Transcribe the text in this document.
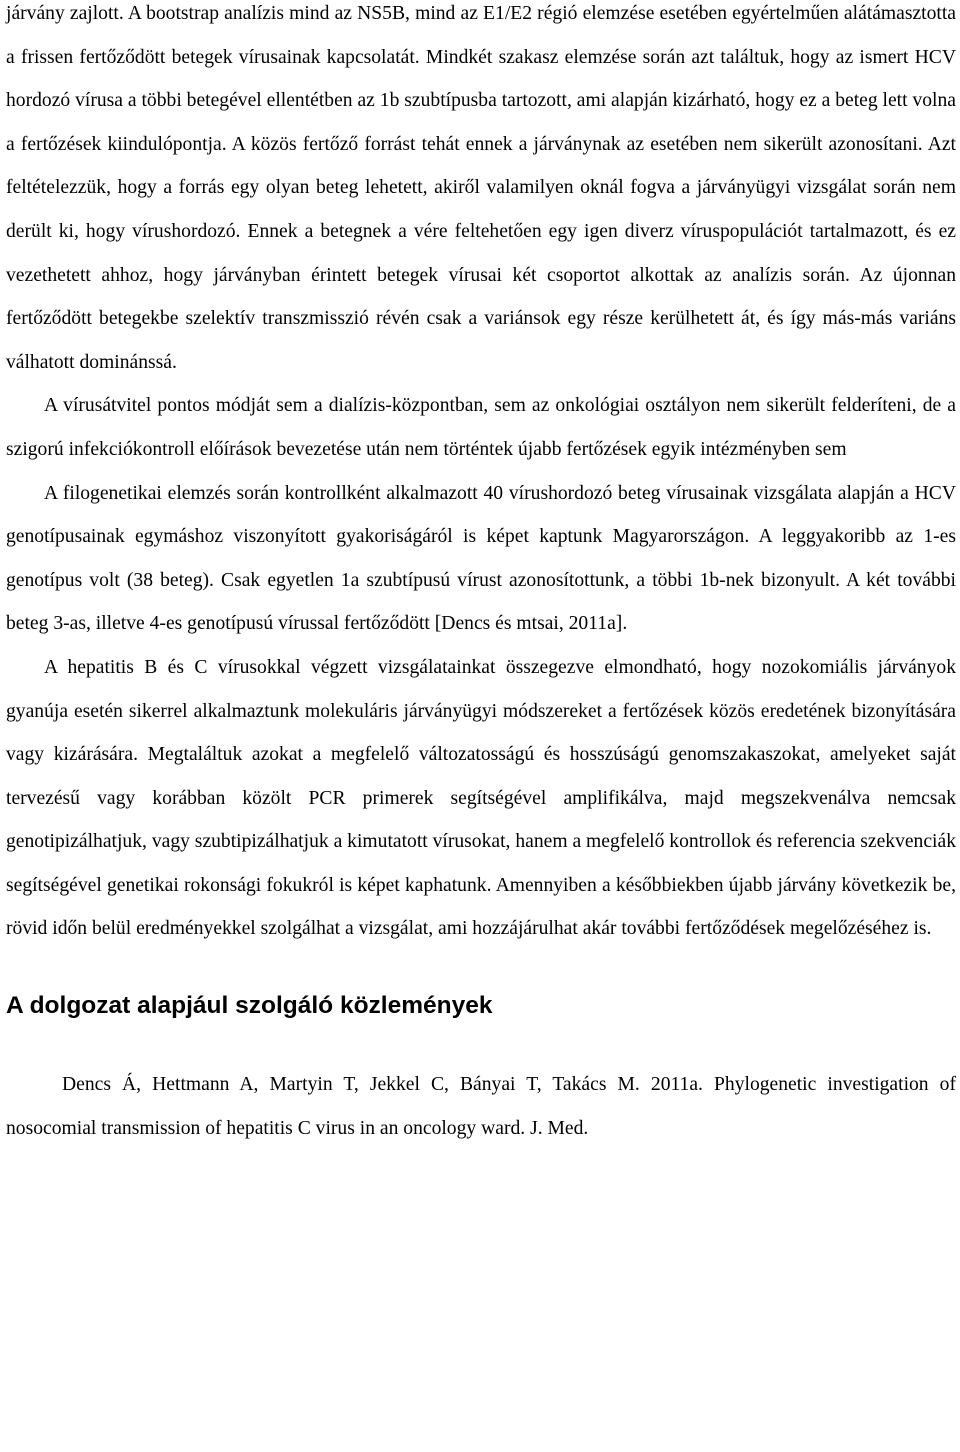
járvány zajlott. A bootstrap analízis mind az NS5B, mind az E1/E2 régió elemzése esetében egyértelműen alátámasztotta a frissen fertőződött betegek vírusainak kapcsolatát. Mindkét szakasz elemzése során azt találtuk, hogy az ismert HCV hordozó vírusa a többi betegével ellentétben az 1b szubtípusba tartozott, ami alapján kizárható, hogy ez a beteg lett volna a fertőzések kiindulópontja. A közös fertőző forrást tehát ennek a járványnak az esetében nem sikerült azonosítani. Azt feltételezzük, hogy a forrás egy olyan beteg lehetett, akiről valamilyen oknál fogva a járványügyi vizsgálat során nem derült ki, hogy vírushordozó. Ennek a betegnek a vére feltehetően egy igen diverz víruspopulációt tartalmazott, és ez vezethetett ahhoz, hogy járványban érintett betegek vírusai két csoportot alkottak az analízis során. Az újonnan fertőződött betegekbe szelektív transzmisszió révén csak a variánsok egy része kerülhetett át, és így más-más variáns válhatott dominánssá.

A vírusátvitel pontos módját sem a dialízis-központban, sem az onkológiai osztályon nem sikerült felderíteni, de a szigorú infekciókontroll előírások bevezetése után nem történtek újabb fertőzések egyik intézményben sem

A filogenetikai elemzés során kontrollként alkalmazott 40 vírushordozó beteg vírusainak vizsgálata alapján a HCV genotípusainak egymáshoz viszonyított gyakoriságáról is képet kaptunk Magyarországon. A leggyakoribb az 1-es genotípus volt (38 beteg). Csak egyetlen 1a szubtípusú vírust azonosítottunk, a többi 1b-nek bizonyult. A két további beteg 3-as, illetve 4-es genotípusú vírussal fertőződött [Dencs és mtsai, 2011a].

A hepatitis B és C vírusokkal végzett vizsgálatainkat összegezve elmondható, hogy nozokomiális járványok gyanúja esetén sikerrel alkalmaztunk molekuláris járványügyi módszereket a fertőzések közös eredetének bizonyítására vagy kizárására. Megtaláltuk azokat a megfelelő változatosságú és hosszúságú genomszakaszokat, amelyeket saját tervezésű vagy korábban közölt PCR primerek segítségével amplifikálva, majd megszekvenálva nemcsak genotipizálhatjuk, vagy szubtipizálhatjuk a kimutatott vírusokat, hanem a megfelelő kontrollok és referencia szekvenciák segítségével genetikai rokonsági fokukról is képet kaphatunk. Amennyiben a későbbiekben újabb járvány következik be, rövid időn belül eredményekkel szolgálhat a vizsgálat, ami hozzájárulhat akár további fertőződések megelőzéséhez is.

A dolgozat alapjául szolgáló közlemények

Dencs Á, Hettmann A, Martyin T, Jekkel C, Bányai T, Takács M. 2011a. Phylogenetic investigation of nosocomial transmission of hepatitis C virus in an oncology ward. J. Med.
